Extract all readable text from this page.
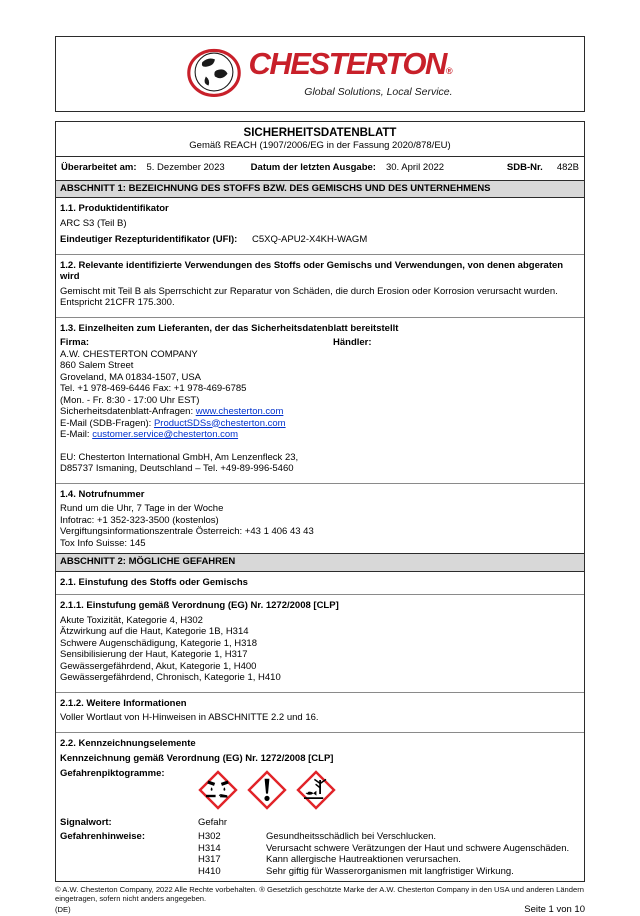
CHESTERTON®
Global Solutions, Local Service.
SICHERHEITSDATENBLATT
Gemäß REACH (1907/2006/EG in der Fassung 2020/878/EU)
Überarbeitet am: 5. Dezember 2023	Datum der letzten Ausgabe: 30. April 2022	SDB-Nr. 482B
ABSCHNITT 1: BEZEICHNUNG DES STOFFS BZW. DES GEMISCHS UND DES UNTERNEHMENS
1.1. Produktidentifikator
ARC S3 (Teil B)
Eindeutiger Rezepturidentifikator (UFI): C5XQ-APU2-X4KH-WAGM
1.2. Relevante identifizierte Verwendungen des Stoffs oder Gemischs und Verwendungen, von denen abgeraten wird
Gemischt mit Teil B als Sperrschicht zur Reparatur von Schäden, die durch Erosion oder Korrosion verursacht wurden. Entspricht 21CFR 175.300.
1.3. Einzelheiten zum Lieferanten, der das Sicherheitsdatenblatt bereitstellt
Firma:	Händler:
A.W. CHESTERTON COMPANY
860 Salem Street
Groveland, MA 01834-1507, USA
Tel. +1 978-469-6446 Fax: +1 978-469-6785
(Mon. - Fr. 8:30 - 17:00 Uhr EST)
Sicherheitsdatenblatt-Anfragen: www.chesterton.com
E-Mail (SDB-Fragen): ProductSDSs@chesterton.com
E-Mail: customer.service@chesterton.com
EU: Chesterton International GmbH, Am Lenzenfleck 23,
D85737 Ismaning, Deutschland – Tel. +49-89-996-5460
1.4. Notrufnummer
Rund um die Uhr, 7 Tage in der Woche
Infotrac: +1 352-323-3500 (kostenlos)
Vergiftungsinformationszentrale Österreich: +43 1 406 43 43
Tox Info Suisse: 145
ABSCHNITT 2: MÖGLICHE GEFAHREN
2.1. Einstufung des Stoffs oder Gemischs
2.1.1. Einstufung gemäß Verordnung (EG) Nr. 1272/2008 [CLP]
Akute Toxizität, Kategorie 4, H302
Ätzwirkung auf die Haut, Kategorie 1B, H314
Schwere Augenschädigung, Kategorie 1, H318
Sensibilisierung der Haut, Kategorie 1, H317
Gewässergefährdend, Akut, Kategorie 1, H400
Gewässergefährdend, Chronisch, Kategorie 1, H410
2.1.2. Weitere Informationen
Voller Wortlaut von H-Hinweisen in ABSCHNITTE 2.2 und 16.
2.2. Kennzeichnungselemente
Kennzeichnung gemäß Verordnung (EG) Nr. 1272/2008 [CLP]
Gefahrenpiktogramme:
Signalwort:	Gefahr
Gefahrenhinweise:	H302	Gesundheitsschädlich bei Verschlucken.
H314	Verursacht schwere Verätzungen der Haut und schwere Augenschäden.
H317	Kann allergische Hautreaktionen verursachen.
H410	Sehr giftig für Wasserorganismen mit langfristiger Wirkung.
© A.W. Chesterton Company, 2022 Alle Rechte vorbehalten. ® Gesetzlich geschützte Marke der A.W. Chesterton Company in den USA und anderen Ländern eingetragen, sofern nicht anders angegeben.
(DE)	Seite 1 von 10
